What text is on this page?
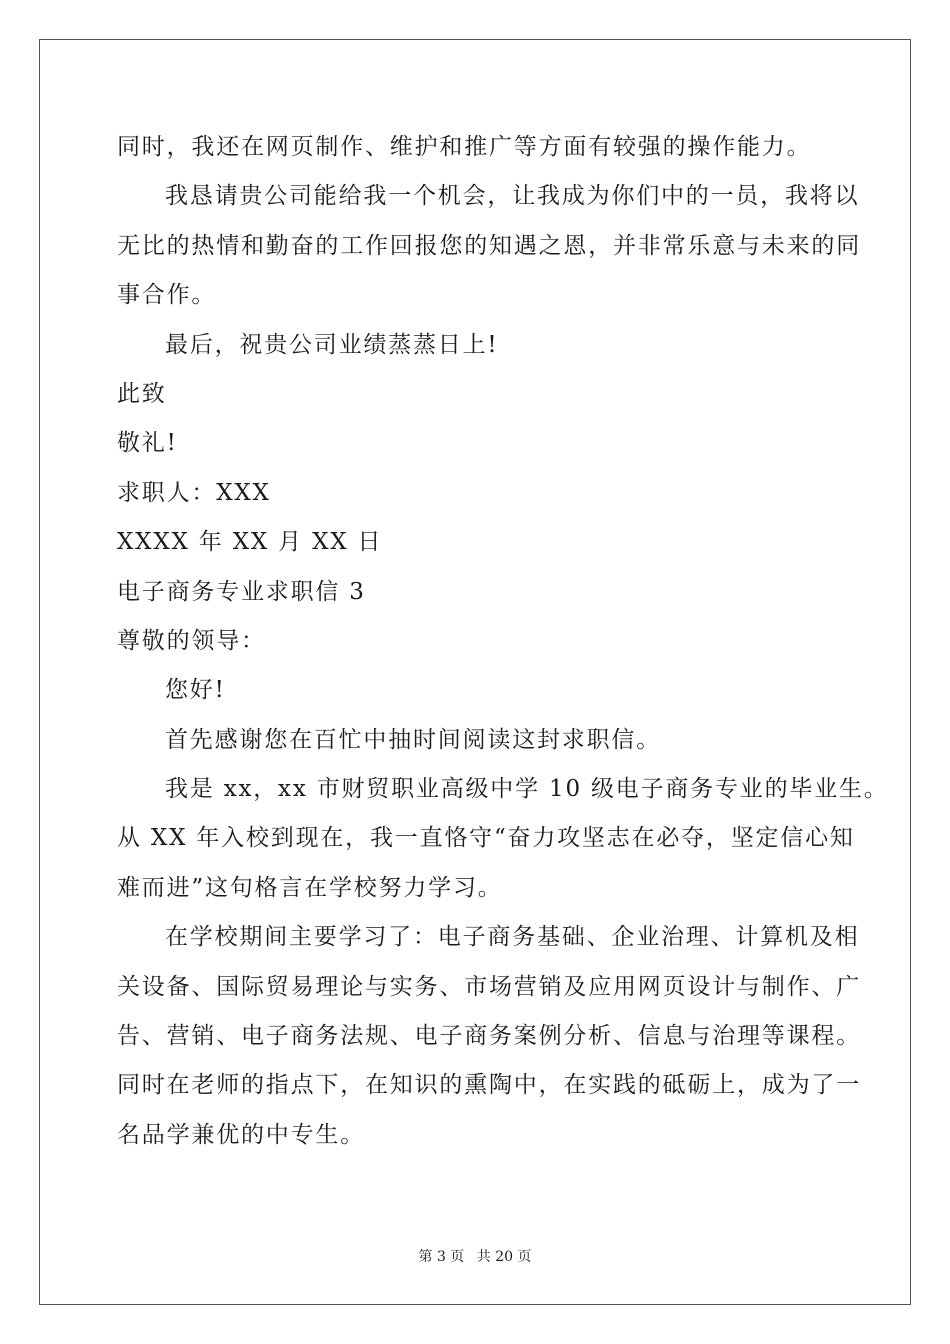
同时，我还在网页制作、维护和推广等方面有较强的操作能力。
我恳请贵公司能给我一个机会，让我成为你们中的一员，我将以
无比的热情和勤奋的工作回报您的知遇之恩，并非常乐意与未来的同
事合作。
最后，祝贵公司业绩蒸蒸日上!
此致
敬礼!
求职人：XXX
XXXX 年 XX 月 XX 日
电子商务专业求职信 3
尊敬的领导：
您好!
首先感谢您在百忙中抽时间阅读这封求职信。
我是 xx，xx 市财贸职业高级中学 10 级电子商务专业的毕业生。
从 XX 年入校到现在，我一直恪守“奋力攻坚志在必夺，坚定信心知
难而进”这句格言在学校努力学习。
在学校期间主要学习了：电子商务基础、企业治理、计算机及相
关设备、国际贸易理论与实务、市场营销及应用网页设计与制作、广
告、营销、电子商务法规、电子商务案例分析、信息与治理等课程。
同时在老师的指点下，在知识的熏陶中，在实践的砥砺上，成为了一
名品学兼优的中专生。
第 3 页 共 20 页
